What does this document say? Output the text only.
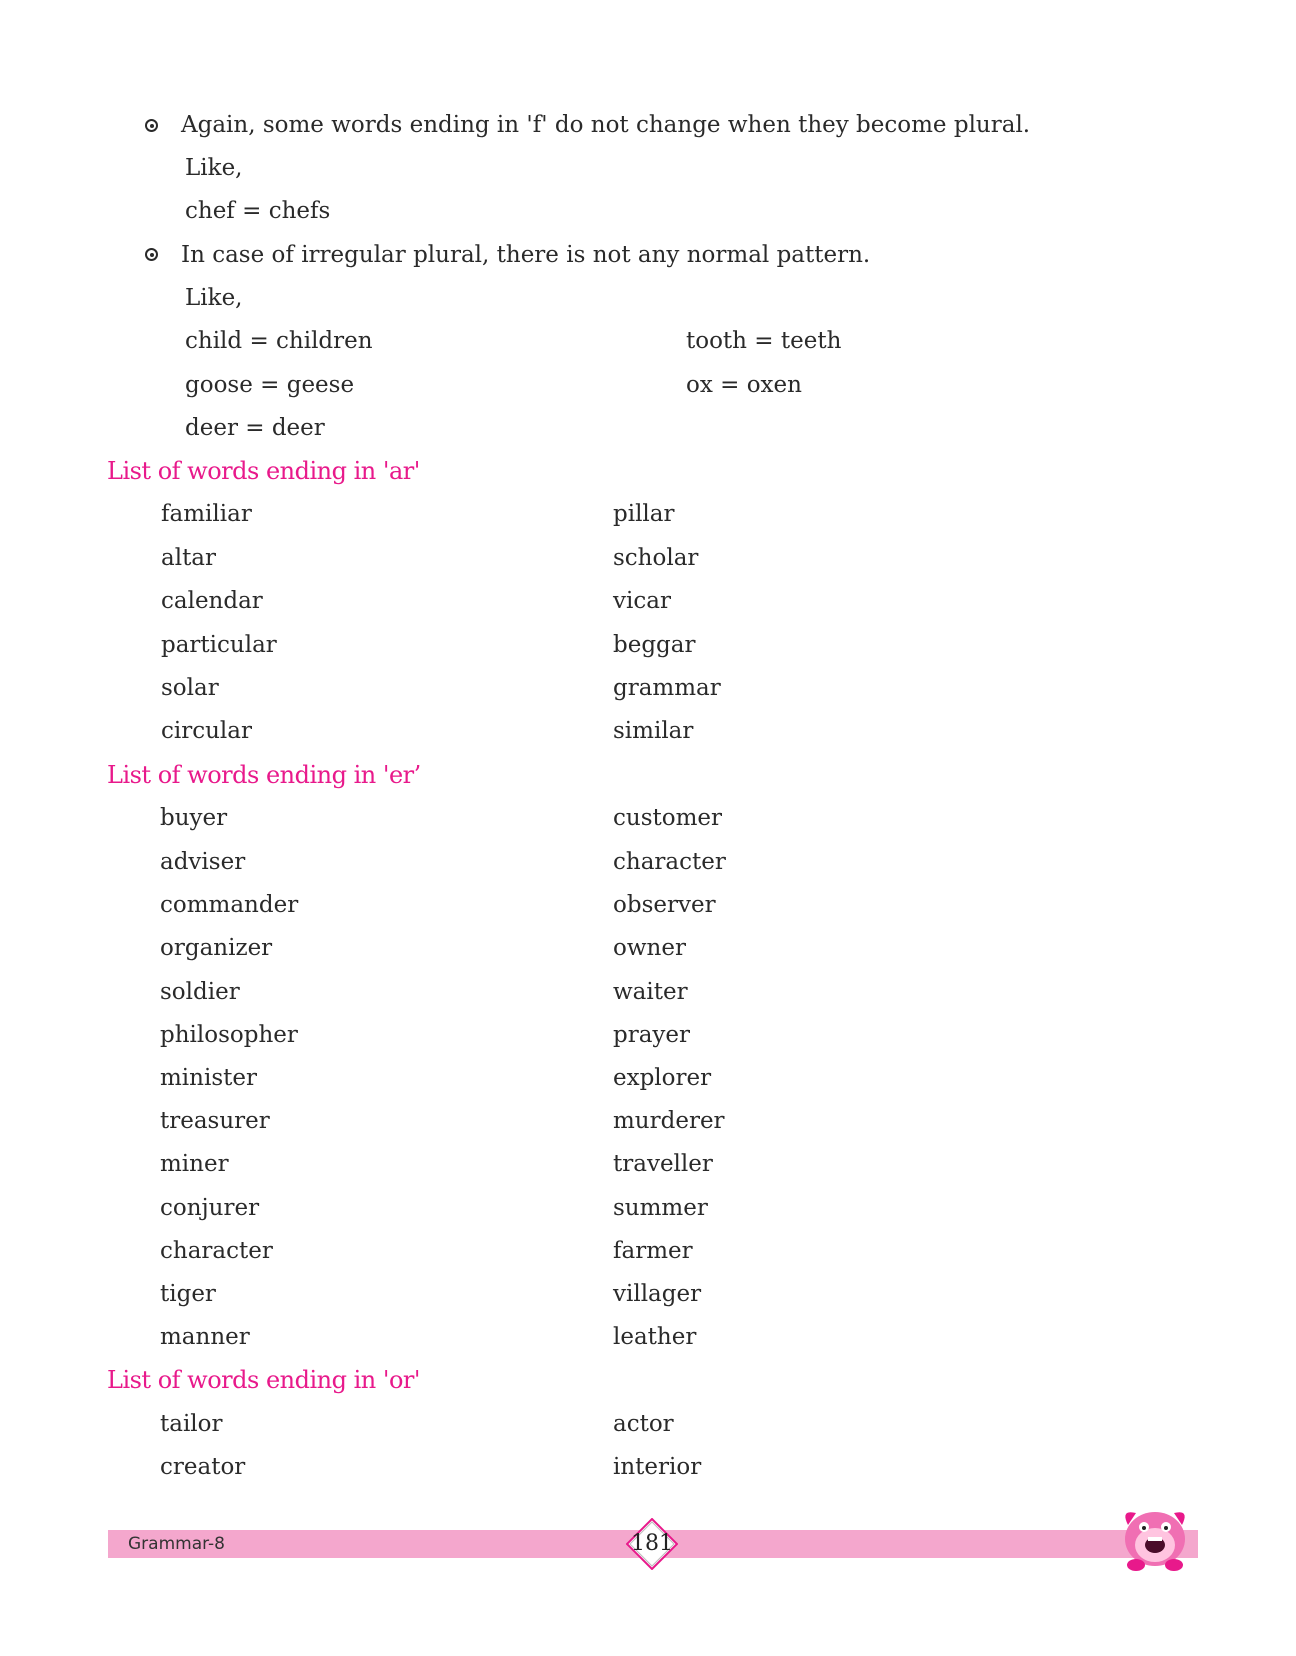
Again, some words ending in 'f' do not change when they become plural.
Like,
chef = chefs
In case of irregular plural, there is not any normal pattern.
Like,
child = children	tooth = teeth
goose = geese	ox = oxen
deer = deer
List of words ending in 'ar'
familiar	pillar
altar	scholar
calendar	vicar
particular	beggar
solar	grammar
circular	similar
List of words ending in 'er’
buyer	customer
adviser	character
commander	observer
organizer	owner
soldier	waiter
philosopher	prayer
minister	explorer
treasurer	murderer
miner	traveller
conjurer	summer
character	farmer
tiger	villager
manner	leather
List of words ending in 'or'
tailor	actor
creator	interior
Grammar-8	181
